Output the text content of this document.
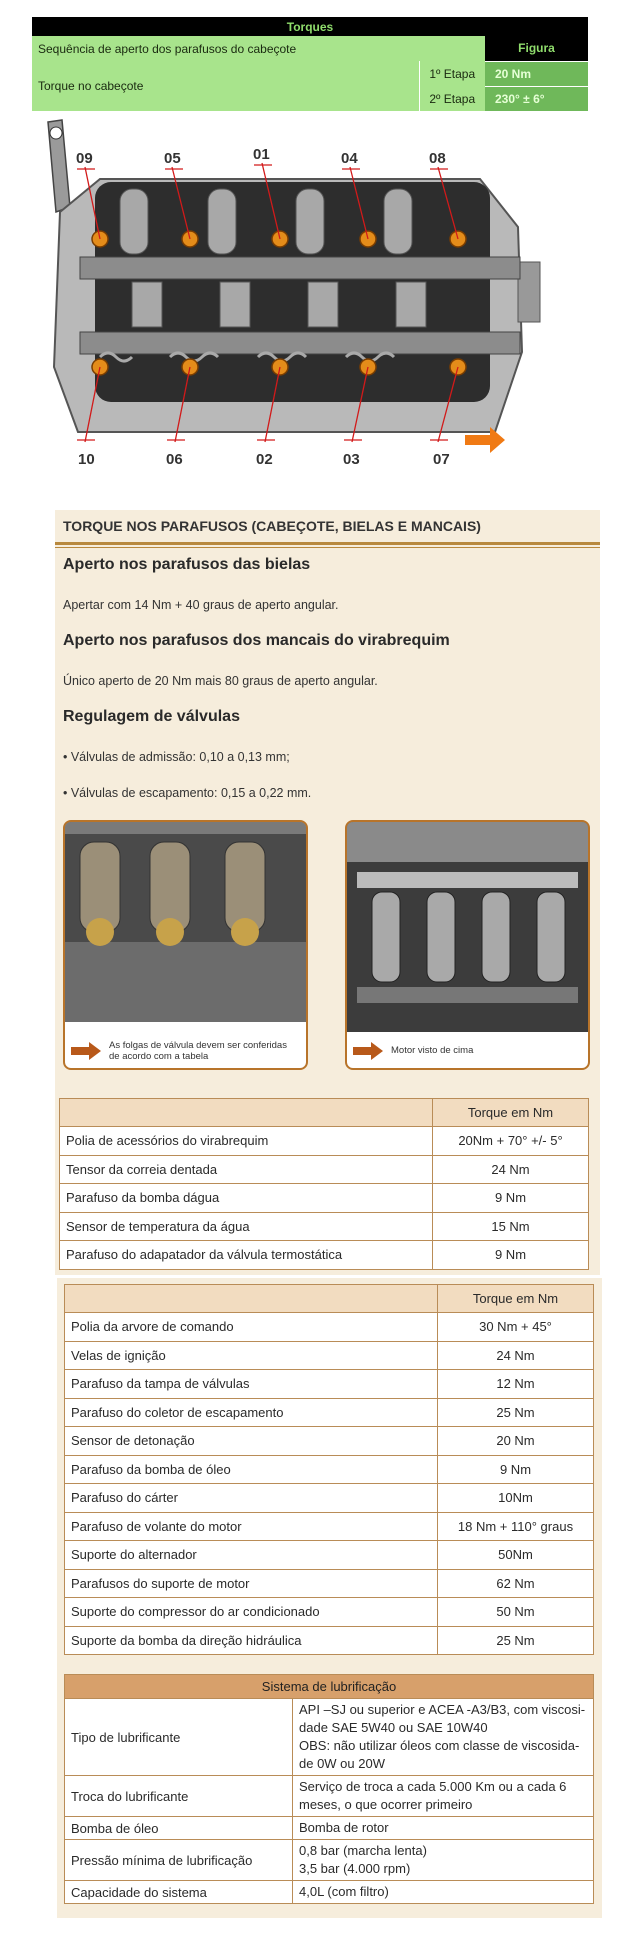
Torques		
Sequência de aperto dos parafusos do cabeçote		Figura
Torque no cabeçote	1º Etapa	20 Nm
	2º Etapa	230° ± 6°
09	05	01	04	08
10	06	02	03	07
TORQUE NOS PARAFUSOS (CABEÇOTE, BIELAS E MANCAIS)
Aperto nos parafusos das bielas
Apertar com 14 Nm + 40 graus de aperto angular.
Aperto nos parafusos dos mancais do virabrequim
Único aperto de 20 Nm mais 80 graus de aperto angular.
Regulagem de válvulas
• Válvulas de admissão: 0,10 a 0,13 mm;
• Válvulas de escapamento: 0,15 a 0,22 mm.
As folgas de válvula devem ser conferidas
de acordo com a tabela
Motor visto de cima
	Torque em Nm
Polia de acessórios do virabrequim	20Nm + 70° +/- 5°
Tensor da correia dentada	24 Nm
Parafuso da bomba dágua	9 Nm
Sensor de temperatura da água	15 Nm
Parafuso do adapatador da válvula termostática	9 Nm
	Torque em Nm
Polia da arvore de comando	30 Nm + 45°
Velas de ignição	24 Nm
Parafuso da tampa de válvulas	12 Nm
Parafuso do coletor de escapamento	25 Nm
Sensor de detonação	20 Nm
Parafuso da bomba de óleo	9 Nm
Parafuso do cárter	10Nm
Parafuso de volante do motor	18 Nm + 110° graus
Suporte do alternador	50Nm
Parafusos do suporte de motor	62 Nm
Suporte do compressor do ar condicionado	50 Nm
Suporte da bomba da direção hidráulica	25 Nm
Sistema de lubrificação	
Tipo de lubrificante	API –SJ ou superior e ACEA -A3/B3, com viscosi-
dade SAE 5W40 ou SAE 10W40
OBS: não utilizar óleos com classe de viscosida-
de 0W ou 20W

Troca do lubrificante	Serviço de troca a cada 5.000 Km ou a cada 6
meses, o que ocorrer primeiro

Bomba de óleo	Bomba de rotor
Pressão mínima de lubrificação	0,8 bar (marcha lenta)
3,5 bar (4.000 rpm)

Capacidade do sistema	4,0L (com filtro)
